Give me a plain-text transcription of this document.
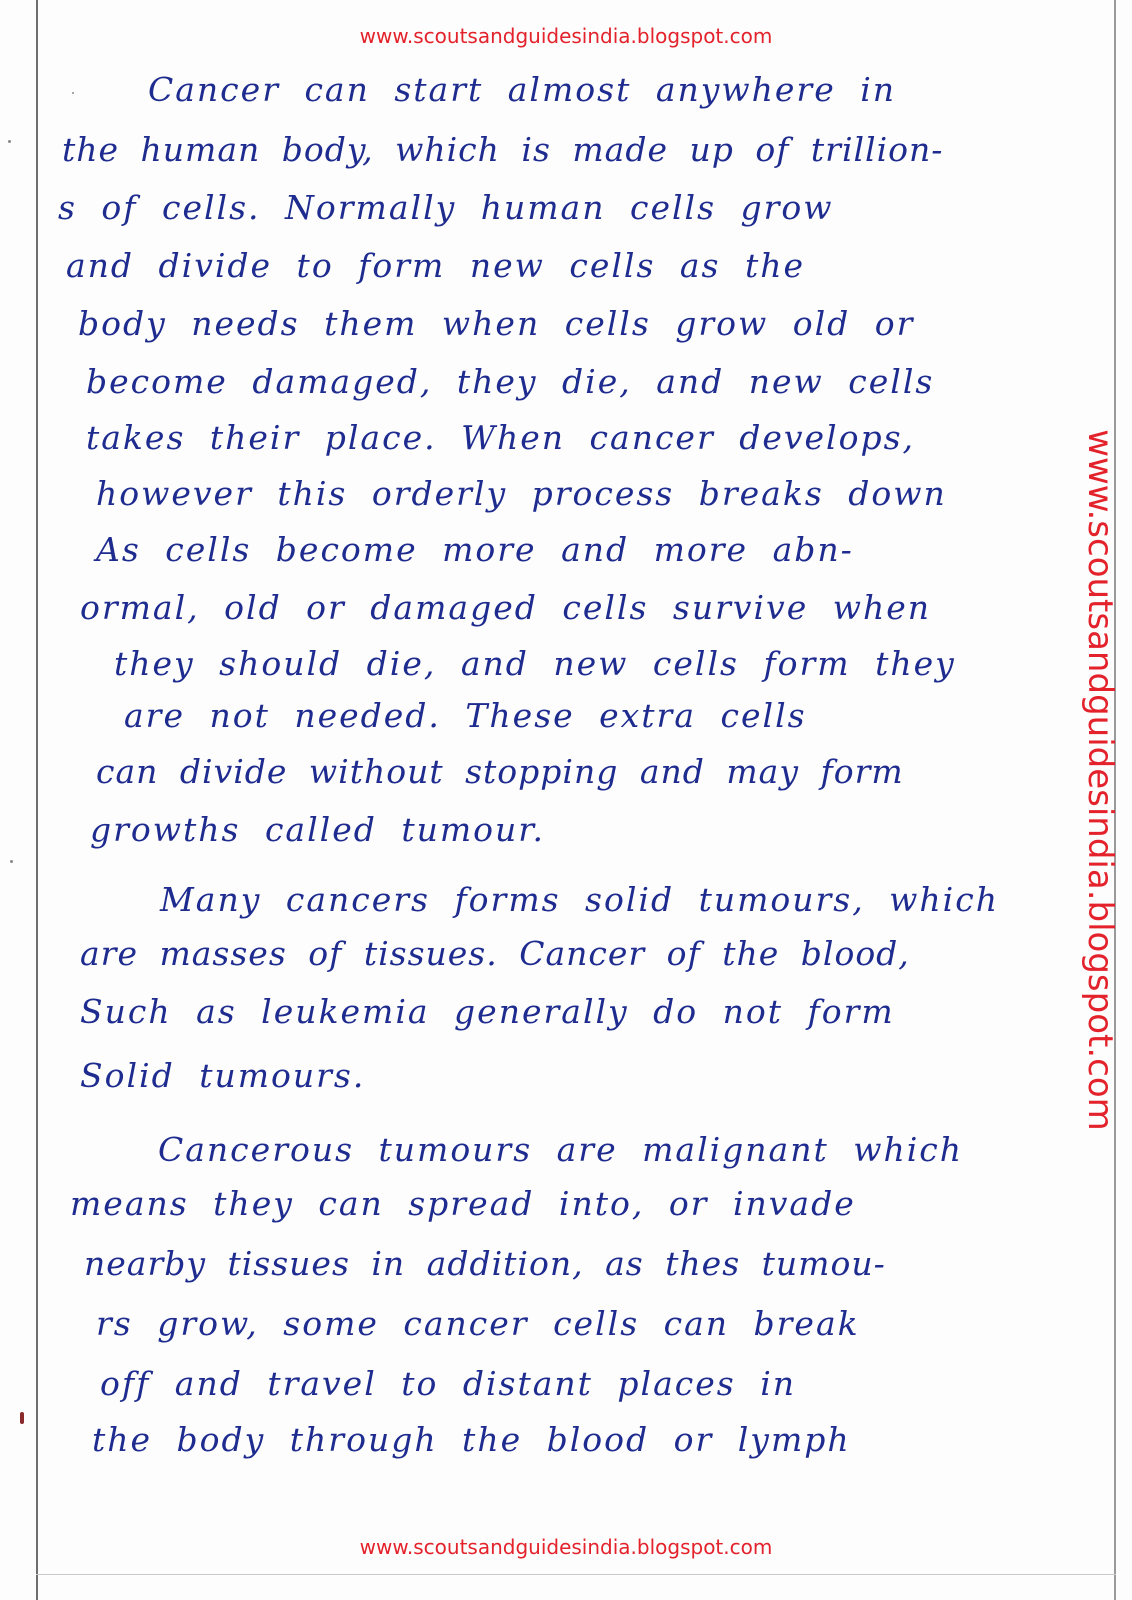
www.scoutsandguidesindia.blogspot.com
www.scoutsandguidesindia.blogspot.com
www.scoutsandguidesindia.blogspot.com
Cancer can start almost anywhere in
the human body, which is made up of trillion-
s of cells. Normally human cells grow
and divide to form new cells as the
body needs them when cells grow old or
become damaged, they die, and new cells
takes their place. When cancer develops,
however this orderly process breaks down
As cells become more and more abn-
ormal, old or damaged cells survive when
they should die, and new cells form they
are not needed. These extra cells
can divide without stopping and may form
growths called tumour.
Many cancers forms solid tumours, which
are masses of tissues. Cancer of the blood,
Such as leukemia generally do not form
Solid tumours.
Cancerous tumours are malignant which
means they can spread into, or invade
nearby tissues in addition, as thes tumou-
rs grow, some cancer cells can break
off and travel to distant places in
the body through the blood or lymph
